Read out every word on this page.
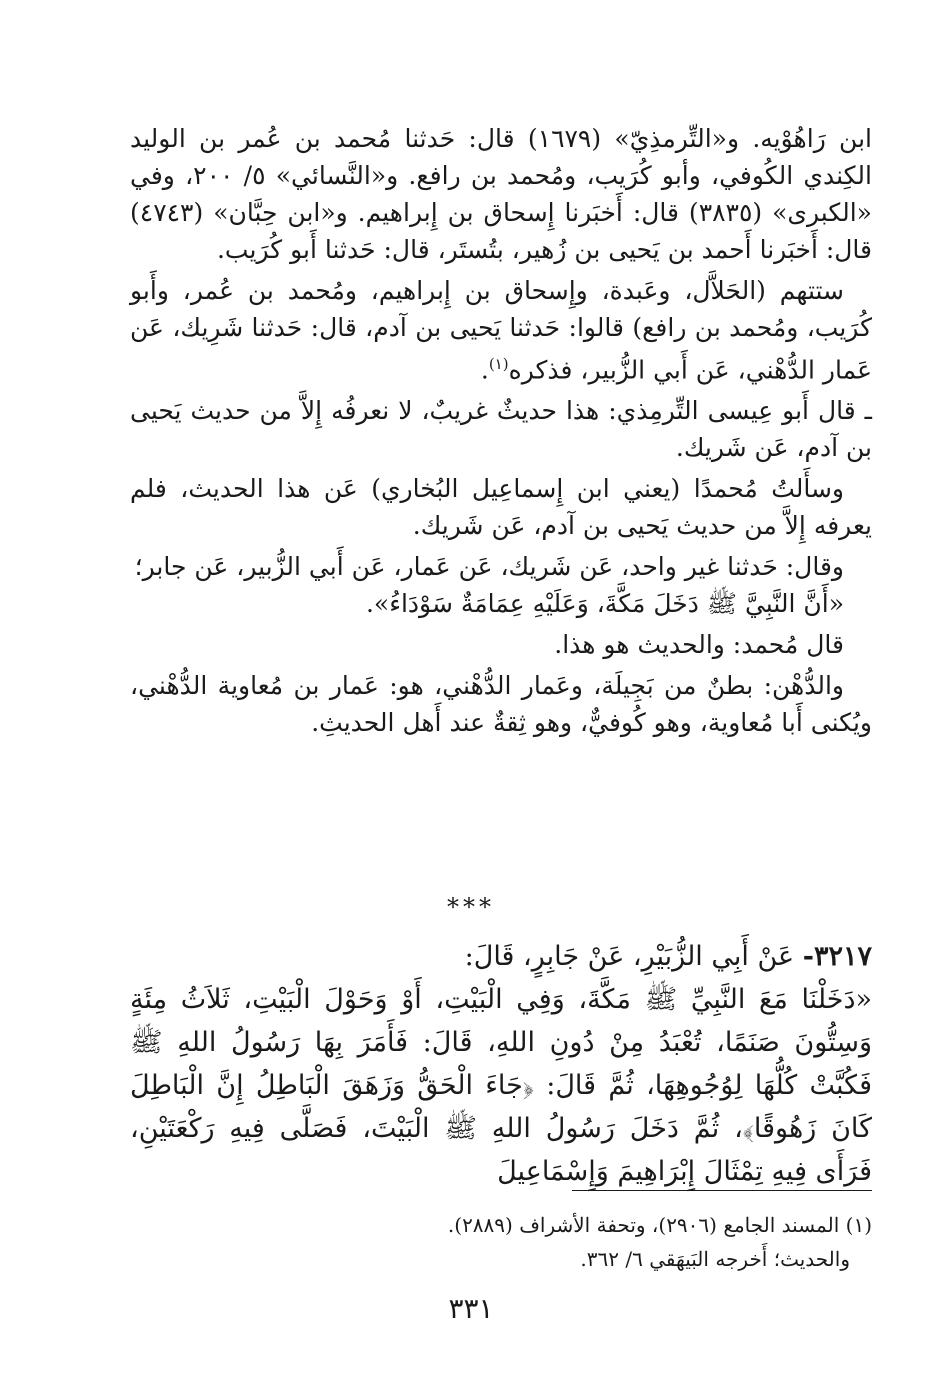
ابن رَاهُوْيه. و«التِّرمذِيّ» (١٦٧٩) قال: حَدثنا مُحمد بن عُمر بن الوليد الكِندي الكُوفي، وأبو كُرَيب، ومُحمد بن رافع. و«النَّسائي» ٥/ ٢٠٠، وفي «الكبرى» (٣٨٣٥) قال: أَخبَرنا إِسحاق بن إِبراهيم. و«ابن حِبَّان» (٤٧٤٣) قال: أَخبَرنا أَحمد بن يَحيى بن زُهير، بتُستَر، قال: حَدثنا أَبو كُرَيب.

ستتهم (الحَلاَّل، وعَبدة، وإِسحاق بن إِبراهيم، ومُحمد بن عُمر، وأَبو كُرَيب، ومُحمد بن رافع) قالوا: حَدثنا يَحيى بن آدم، قال: حَدثنا شَرِيك، عَن عَمار الدُّهْني، عَن أَبي الزُّبير، فذكره$^{(١)}$.

ـ قال أَبو عِيسى التِّرمِذي: هذا حديثٌ غريبٌ، لا نعرفُه إِلاَّ من حديث يَحيى بن آدم، عَن شَريك.

وسأَلتُ مُحمدًا (يعني ابن إِسماعِيل البُخاري) عَن هذا الحديث، فلم يعرفه إِلاَّ من حديث يَحيى بن آدم، عَن شَريك.

وقال: حَدثنا غير واحد، عَن شَريك، عَن عَمار، عَن أَبي الزُّبير، عَن جابر؛

«أَنَّ النَّبِيَّ ﷺ دَخَلَ مَكَّةَ، وَعَلَيْهِ عِمَامَةٌ سَوْدَاءُ».

قال مُحمد: والحديث هو هذا.

والدُّهْن: بطنٌ من بَجِيلَة، وعَمار الدُّهْني، هو: عَمار بن مُعاوية الدُّهْني، ويُكنى أَبا مُعاوية، وهو كُوفيٌّ، وهو ثِقةٌ عند أَهل الحديثِ.

***
٣٢١٧- عَنْ أَبِي الزُّبَيْرِ، عَنْ جَابِرٍ، قَالَ:
«دَخَلْنَا مَعَ النَّبِيِّ ﷺ مَكَّةَ، وَفِي الْبَيْتِ، أَوْ وَحَوْلَ الْبَيْتِ، ثَلاَثُ مِئَةٍ وَسِتُّونَ صَنَمًا، تُعْبَدُ مِنْ دُونِ اللهِ، قَالَ: فَأَمَرَ بِهَا رَسُولُ اللهِ ﷺ فَكُبَّتْ كُلُّهَا لِوُجُوهِهَا، ثُمَّ قَالَ: ﴿جَاءَ الْحَقُّ وَزَهَقَ الْبَاطِلُ إِنَّ الْبَاطِلَ كَانَ زَهُوقًا﴾، ثُمَّ دَخَلَ رَسُولُ اللهِ ﷺ الْبَيْتَ، فَصَلَّى فِيهِ رَكْعَتَيْنِ، فَرَأَى فِيهِ تِمْثَالَ إِبْرَاهِيمَ وَإِسْمَاعِيلَ
(١) المسند الجامع (٢٩٠٦)، وتحفة الأشراف (٢٨٨٩).
والحديث؛ أَخرجه البَيهَقي ٦/ ٣٦٢.
٣٣١
